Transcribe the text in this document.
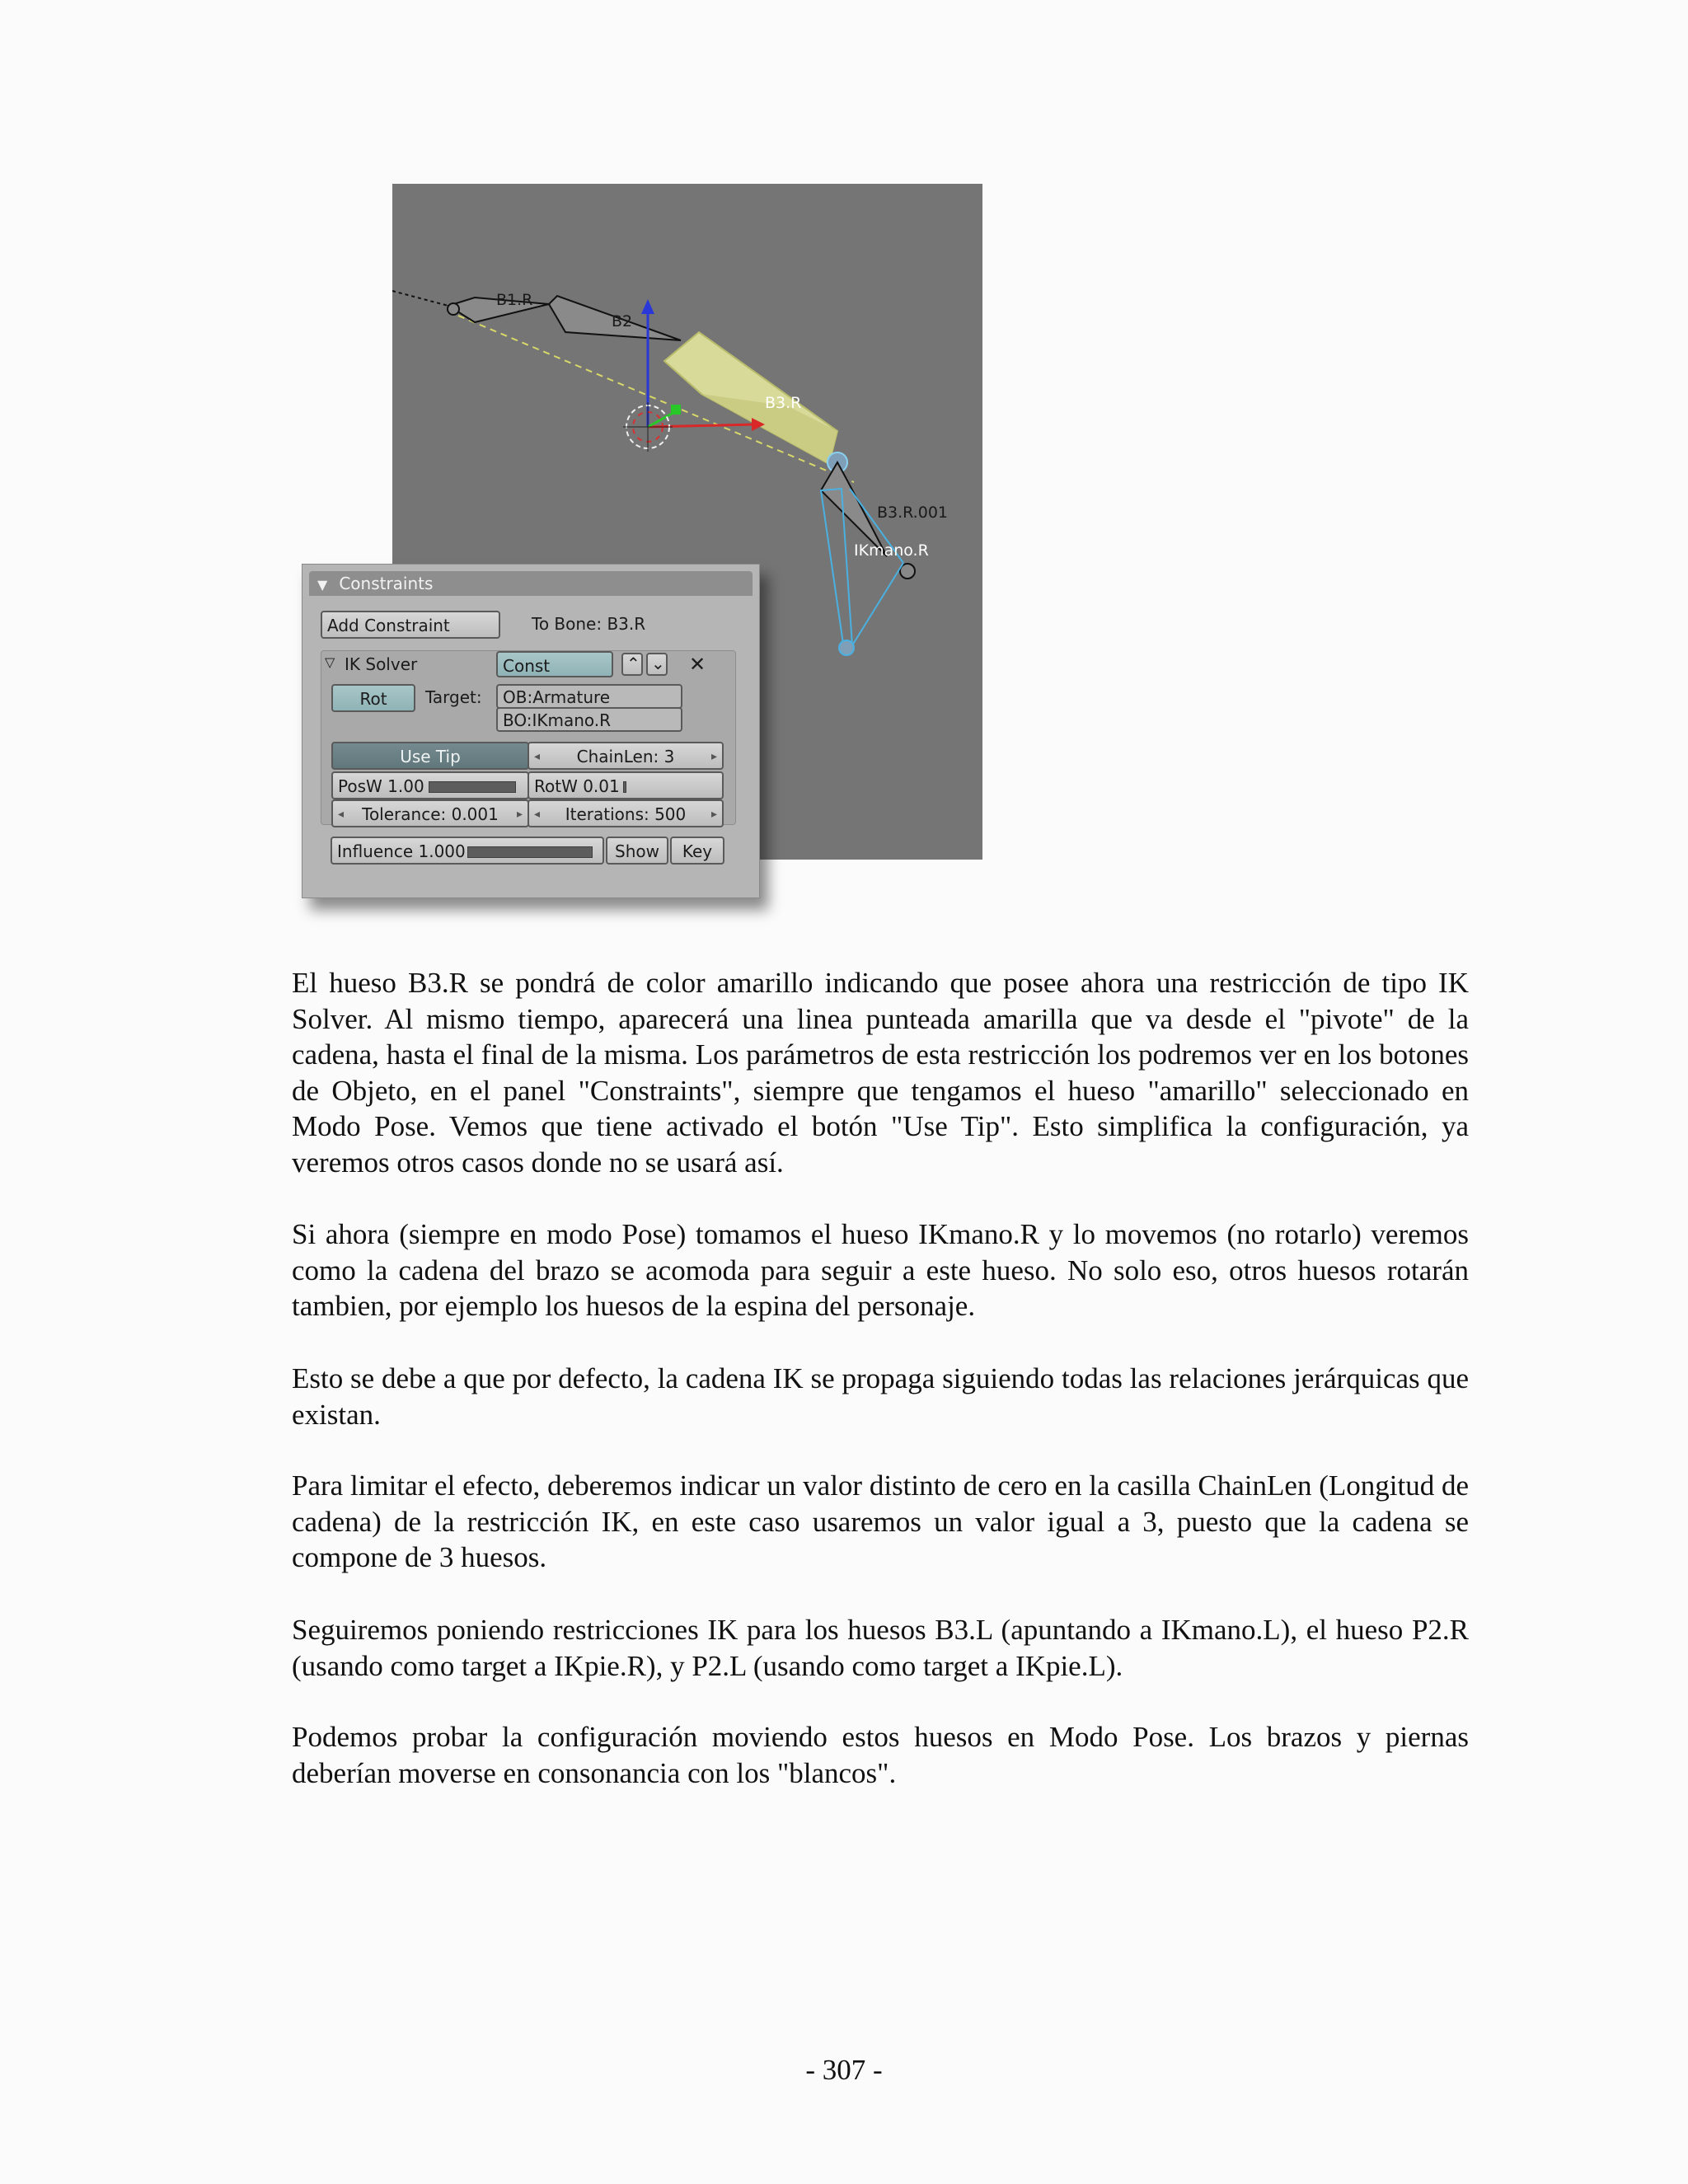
B1.R
B2
B3.R
B3.R.001
IKmano.R
▼ Constraints
Add Constraint	To Bone: B3.R
▽ IK Solver	Const	⌃ ⌄ ✕
Rot	Target:	OB:Armature
BO:IKmano.R
Use Tip	◂ ChainLen: 3	▸
PosW 1.00	RotW 0.01
◂ Tolerance: 0.001 ▸ ◂ Iterations: 500 ▸
Influence 1.000	Show	Key

El hueso B3.R se pondrá de color amarillo indicando que posee ahora una restricción de tipo IK Solver. Al mismo tiempo, aparecerá una linea punteada amarilla que va desde el "pivote" de la cadena, hasta el final de la misma. Los parámetros de esta restricción los podremos ver en los botones de Objeto, en el panel "Constraints", siempre que tengamos el hueso "amarillo" seleccionado en Modo Pose. Vemos que tiene activado el botón "Use Tip". Esto simplifica la configuración, ya veremos otros casos donde no se usará así.

Si ahora (siempre en modo Pose) tomamos el hueso IKmano.R y lo movemos (no rotarlo) veremos como la cadena del brazo se acomoda para seguir a este hueso. No solo eso, otros huesos rotarán tambien, por ejemplo los huesos de la espina del personaje.

Esto se debe a que por defecto, la cadena IK se propaga siguiendo todas las relaciones jerárquicas que existan.

Para limitar el efecto, deberemos indicar un valor distinto de cero en la casilla ChainLen (Longitud de cadena) de la restricción IK, en este caso usaremos un valor igual a 3, puesto que la cadena se compone de 3 huesos.

Seguiremos poniendo restricciones IK para los huesos B3.L (apuntando a IKmano.L), el hueso P2.R (usando como target a IKpie.R), y P2.L (usando como target a IKpie.L).

Podemos probar la configuración moviendo estos huesos en Modo Pose. Los brazos y piernas deberían moverse en consonancia con los "blancos".

- 307 -
